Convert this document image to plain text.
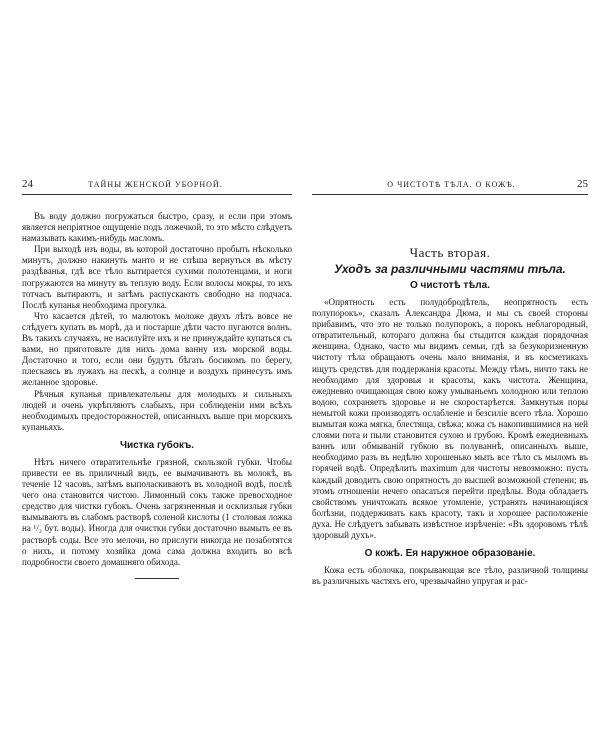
24	ТАЙНЫ ЖЕНСКОЙ УБОРНОЙ.

Въ воду должно погружаться быстро, сразу, и если при этомъ является непріятное ощущеніе подъ ложечкой, то это мѣсто слѣдуетъ намазывать какимъ-нибудь масломъ.

При выходѣ изъ воды, въ которой достаточно пробыть нѣсколько минутъ, должно накинуть манто и не спѣша вернуться въ мѣсту раздѣванья, гдѣ все тѣло вытирается сухими полотенцами, и ноги погружаются на минуту въ теплую воду. Если волосы мокры, то ихъ тотчасъ вытираютъ, и затѣмъ распускаютъ свободно на подчаса. Послѣ купанья необходима прогулка.

Что касается дѣтей, то малютокъ моложе двухъ лѣтъ вовсе не слѣдуетъ купать въ морѣ, да и постарше дѣти часто пугаются волнъ. Въ такихъ случаяхъ, не насилуйте ихъ и не принуждайте купаться съ вами, но приготовьте для нихъ дома ванну изъ морской воды. Достаточно и того, если они будутъ бѣгать босикомъ по берегу, плескаясь въ лужахъ на пескѣ, а солнце и воздухъ принесутъ имъ желанное здоровье.

Рѣчныя купанья привлекательны для молодыхъ и сильныхъ людей и очень укрѣпляютъ слабыхъ, при соблюденіи ими всѣхъ необходимыхъ предосторожностей, описанныхъ выше при морскихъ купаньяхъ.

Чистка губокъ.

Нѣтъ ничего отвратительнѣе грязной, скользкой губки. Чтобы привести ее въ приличный видъ, ее вымачиваютъ въ молокѣ, въ теченіе 12 часовъ, затѣмъ выполаскиваютъ въ холодной водѣ, послѣ чего она становится чистою. Лимонный сокъ также превосходное средство для чистки губокъ. Очень загрязненныя и осклизлыя губки вымываютъ въ слабомъ растворѣ соленой кислоты (1 столовая ложка на ¹/₂ бут. воды). Иногда для очистки губки достаточно вымыть ее въ растворѣ соды. Все это мелочи, но прислуги никогда не позаботятся о нихъ, и потому хозяйка дома сама должна входить во всѣ подробности своего домашняго обихода.

О ЧИСТОТѢ ТѢЛА. О КОЖѢ.	25
Часть вторая.
Уходъ за различными частями тѣла.
О чистотѣ тѣла.

«Опрятность есть полудобродѣтель, неопрятность есть полупорокъ», сказалъ Александра Дюма, и мы съ своей стороны прибавимъ, что это не только полупорокъ, а порокъ неблагородный, отвратительный, котораго должна бы стыдится каждая порядочная женщина. Однако, часто мы видимъ семьи, гдѣ за безукоризненную чистоту тѣла обращаютъ очень мало вниманія, и въ косметикахъ ищутъ средствъ для поддержанія красоты. Между тѣмъ, ничто такъ не необходимо для здоровья и красоты, какъ чистота. Женщина, ежедневно очищающая свою кожу умываньемъ холодною или теплою водою, сохраняетъ здоровье и не скоростарѣется. Замкнутыя поры немытой кожи производятъ ослабленіе и безсиліе всего тѣла. Хорошо вымытая кожа мягка, блестяща, свѣжа; кожа съ накопившимися на ней слоями пота и пыли становится сухою и грубою. Кромѣ ежедневныхъ ваннъ или обмываній губкою въ полуваннѣ, описанныхъ выше, необходимо разъ въ недѣлю хорошенько мыть все тѣло съ мыломъ въ горячей водѣ. Опредѣлить maximum для чистоты невозможно: пусть каждый доводитъ свою опрятность до высшей возможной степени; въ этомъ отношеніи нечего опасаться перейти предѣлы. Вода обладаетъ свойствомъ уничтожать всякое утомленіе, устранять начинающіяся болѣзни, поддерживать какъ красоту, такъ и хорошее расположеніе духа. Не слѣдуетъ забывать извѣстное изрѣченіе: «Въ здоровомъ тѣлѣ здоровый духъ».

О кожѣ. Ея наружное образованіе.

Кожа есть оболочка, покрывающая все тѣло, различной толщины въ различныхъ частяхъ его, чрезвычайно упругая и рас-
